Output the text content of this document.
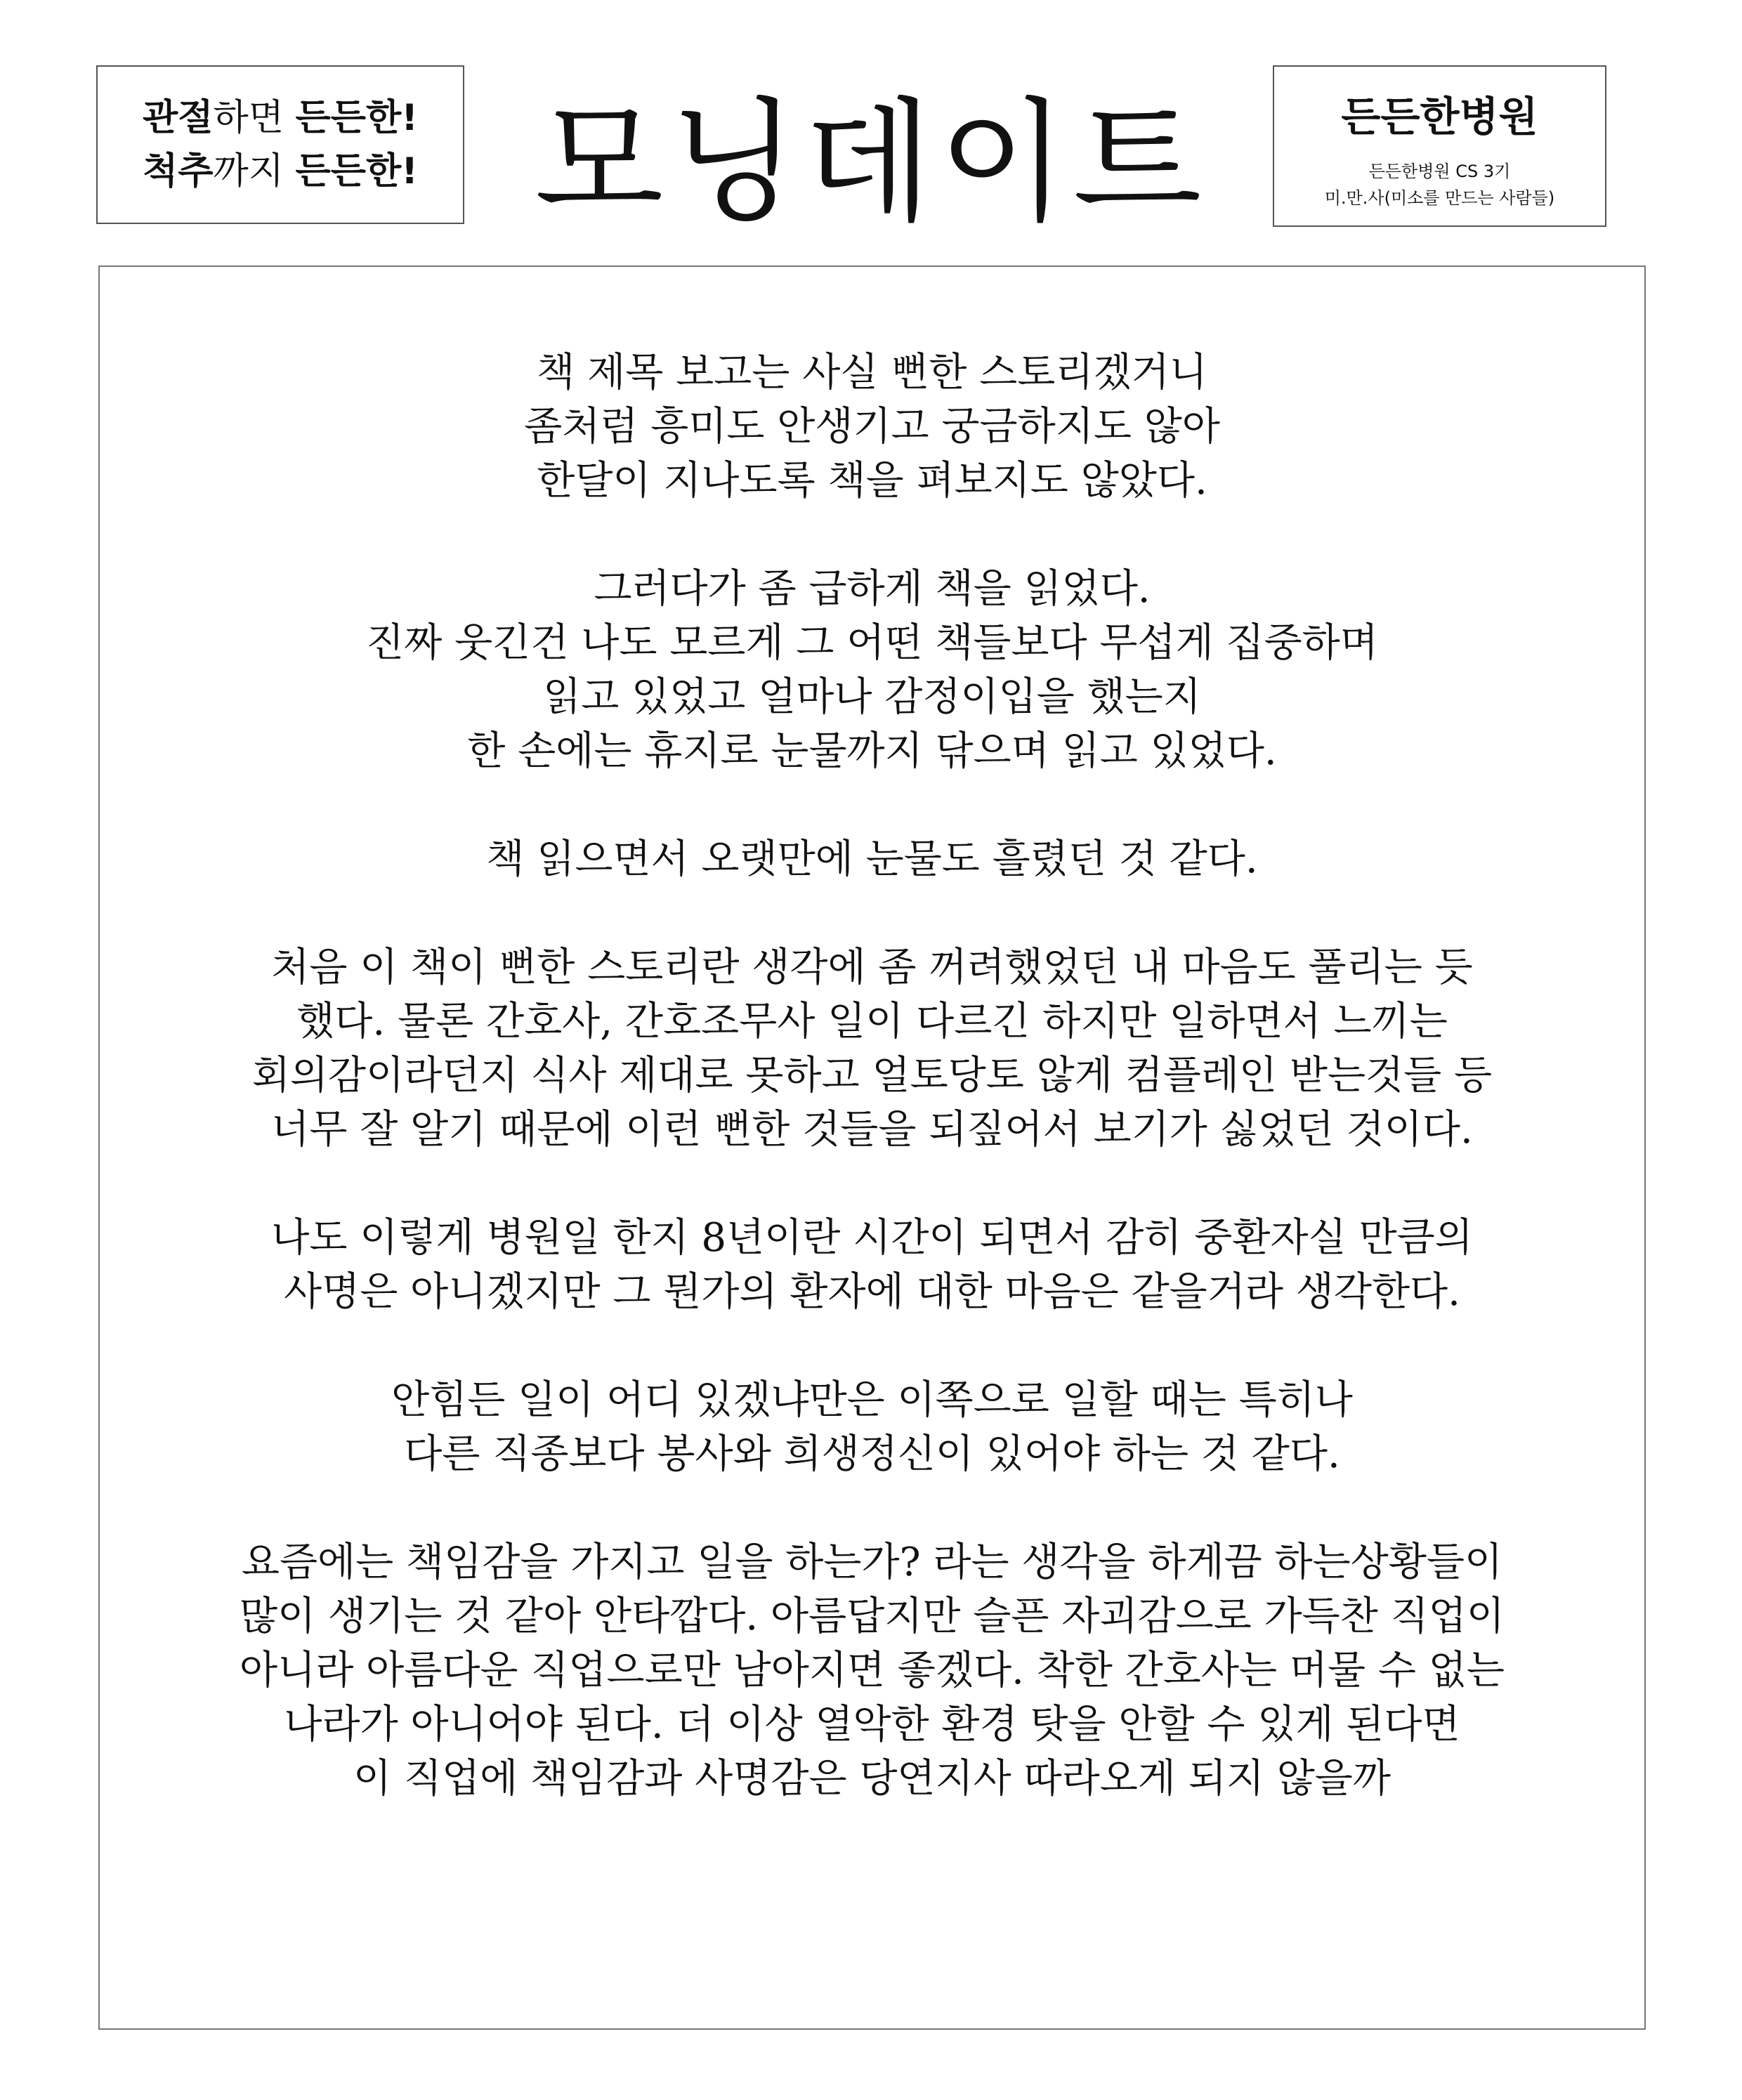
관절하면 든든한!
척추까지 든든한! 모닝데이트	든든한병원
든든한병원 CS 3기
미.만.사(미소를 만드는 사람들)
책 제목 보고는 사실 뻔한 스토리겠거니
좀처럼 흥미도 안생기고 궁금하지도 않아
한달이 지나도록 책을 펴보지도 않았다.
그러다가 좀 급하게 책을 읽었다.
진짜 웃긴건 나도 모르게 그 어떤 책들보다 무섭게 집중하며
읽고 있었고 얼마나 감정이입을 했는지
한 손에는 휴지로 눈물까지 닦으며 읽고 있었다.
책 읽으면서 오랫만에 눈물도 흘렸던 것 같다.
처음 이 책이 뻔한 스토리란 생각에 좀 꺼려했었던 내 마음도 풀리는 듯
했다. 물론 간호사, 간호조무사 일이 다르긴 하지만 일하면서 느끼는
회의감이라던지 식사 제대로 못하고 얼토당토 않게 컴플레인 받는것들 등
너무 잘 알기 때문에 이런 뻔한 것들을 되짚어서 보기가 싫었던 것이다.
나도 이렇게 병원일 한지 8년이란 시간이 되면서 감히 중환자실 만큼의
사명은 아니겠지만 그 뭔가의 환자에 대한 마음은 같을거라 생각한다.
안힘든 일이 어디 있겠냐만은 이쪽으로 일할 때는 특히나
다른 직종보다 봉사와 희생정신이 있어야 하는 것 같다.
요즘에는 책임감을 가지고 일을 하는가? 라는 생각을 하게끔 하는상황들이
많이 생기는 것 같아 안타깝다. 아름답지만 슬픈 자괴감으로 가득찬 직업이
아니라 아름다운 직업으로만 남아지면 좋겠다. 착한 간호사는 머물 수 없는
나라가 아니어야 된다. 더 이상 열악한 환경 탓을 안할 수 있게 된다면
이 직업에 책임감과 사명감은 당연지사 따라오게 되지 않을까
